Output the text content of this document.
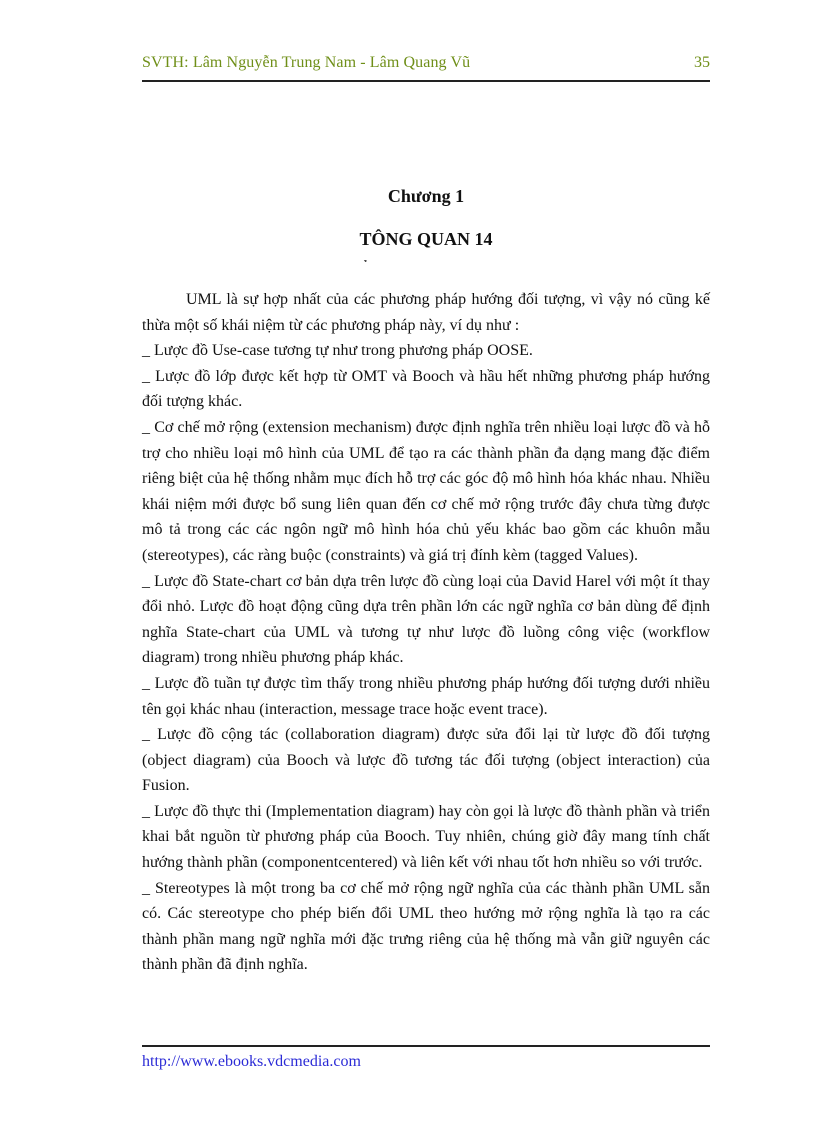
SVTH: Lâm Nguyễn Trung Nam - Lâm Quang Vũ	35
Chương 1
TÔNG QUAN 14

UML là sự hợp nhất của các phương pháp hướng đối tượng, vì vậy nó cũng kế thừa một số khái niệm từ các phương pháp này, ví dụ như :

_ Lược đồ Use-case tương tự như trong phương pháp OOSE.

_ Lược đồ lớp được kết hợp từ OMT và Booch và hầu hết những phương pháp hướng đối tượng khác.

_ Cơ chế mở rộng (extension mechanism) được định nghĩa trên nhiều loại lược đồ và hỗ trợ cho nhiều loại mô hình của UML để tạo ra các thành phần đa dạng mang đặc điểm riêng biệt của hệ thống nhằm mục đích hỗ trợ các góc độ mô hình hóa khác nhau. Nhiều khái niệm mới được bổ sung liên quan đến cơ chế mở rộng trước đây chưa từng được mô tả trong các các ngôn ngữ mô hình hóa chủ yếu khác bao gồm các khuôn mẫu (stereotypes), các ràng buộc (constraints) và giá trị đính kèm (tagged Values).

_ Lược đồ State-chart cơ bản dựa trên lược đồ cùng loại của David Harel với một ít thay đổi nhỏ. Lược đồ hoạt động cũng dựa trên phần lớn các ngữ nghĩa cơ bản dùng để định nghĩa State-chart của UML và tương tự như lược đồ luồng công việc (workflow diagram) trong nhiều phương pháp khác.

_ Lược đồ tuần tự được tìm thấy trong nhiều phương pháp hướng đối tượng dưới nhiều tên gọi khác nhau (interaction, message trace hoặc event trace).

_ Lược đồ cộng tác (collaboration diagram) được sửa đổi lại từ lược đồ đối tượng (object diagram) của Booch và lược đồ tương tác đối tượng (object interaction) của Fusion.

_ Lược đồ thực thi (Implementation diagram) hay còn gọi là lược đồ thành phần và triển khai bắt nguồn từ phương pháp của Booch. Tuy nhiên, chúng giờ đây mang tính chất hướng thành phần (componentcentered) và liên kết với nhau tốt hơn nhiều so với trước.

_ Stereotypes là một trong ba cơ chế mở rộng ngữ nghĩa của các thành phần UML sẵn có. Các stereotype cho phép biến đổi UML theo hướng mở rộng nghĩa là tạo ra các thành phần mang ngữ nghĩa mới đặc trưng riêng của hệ thống mà vẫn giữ nguyên các thành phần đã định nghĩa.

http://www.ebooks.vdcmedia.com
